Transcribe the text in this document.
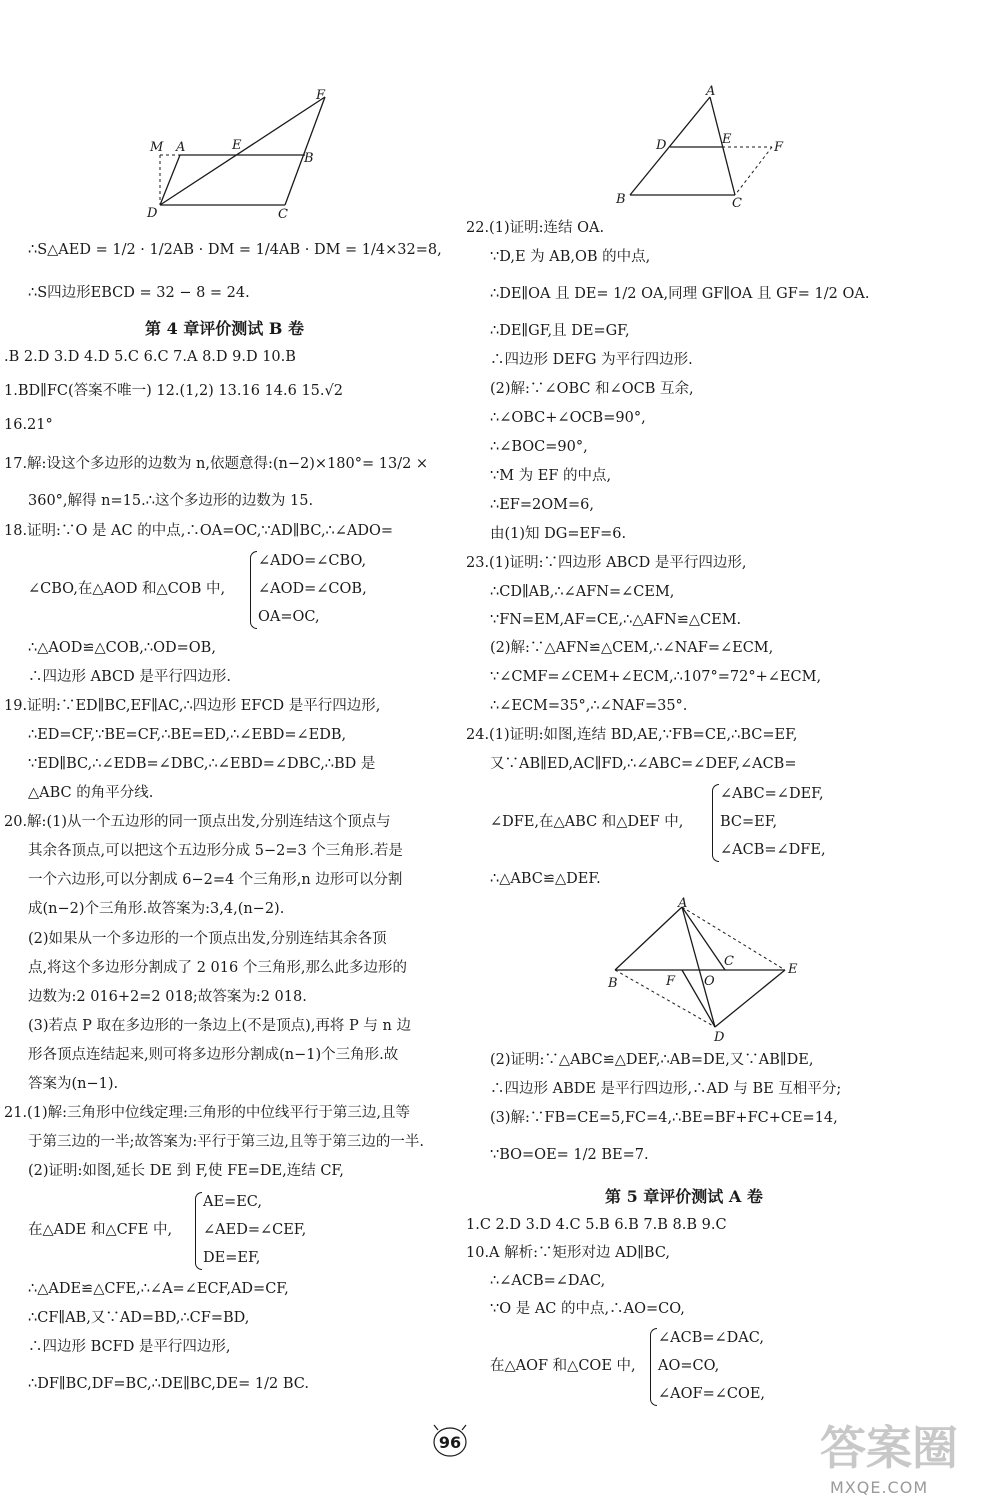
M A	E
B
F
D	C
A
D	E
F
B	C
A
B	F O
C
E
D
∴S△AED = 1/2 · 1/2AB · DM = 1/4AB · DM = 1/4×32=8,
∴S四边形EBCD = 32 − 8 = 24.
第 4 章评价测试 B 卷
.B 2.D 3.D 4.D 5.C 6.C 7.A 8.D 9.D 10.B
1.BD∥FC(答案不唯一) 12.(1,2) 13.16 14.6 15.√2
16.21°
17.解:设这个多边形的边数为 n,依题意得:(n−2)×180°= 13/2 ×
360°,解得 n=15.∴这个多边形的边数为 15.
18.证明:∵O 是 AC 的中点,∴OA=OC,∵AD∥BC,∴∠ADO=
∠CBO,在△AOD 和△COB 中,
∠ADO=∠CBO,
∠AOD=∠COB,
OA=OC,
∴△AOD≌△COB,∴OD=OB,
∴四边形 ABCD 是平行四边形.
19.证明:∵ED∥BC,EF∥AC,∴四边形 EFCD 是平行四边形,
∴ED=CF,∵BE=CF,∴BE=ED,∴∠EBD=∠EDB,
∵ED∥BC,∴∠EDB=∠DBC,∴∠EBD=∠DBC,∴BD 是
△ABC 的角平分线.
20.解:(1)从一个五边形的同一顶点出发,分别连结这个顶点与
其余各顶点,可以把这个五边形分成 5−2=3 个三角形.若是
一个六边形,可以分割成 6−2=4 个三角形,n 边形可以分割
成(n−2)个三角形.故答案为:3,4,(n−2).
(2)如果从一个多边形的一个顶点出发,分别连结其余各顶
点,将这个多边形分割成了 2 016 个三角形,那么此多边形的
边数为:2 016+2=2 018;故答案为:2 018.
(3)若点 P 取在多边形的一条边上(不是顶点),再将 P 与 n 边
形各顶点连结起来,则可将多边形分割成(n−1)个三角形.故
答案为(n−1).
21.(1)解:三角形中位线定理:三角形的中位线平行于第三边,且等
于第三边的一半;故答案为:平行于第三边,且等于第三边的一半.
(2)证明:如图,延长 DE 到 F,使 FE=DE,连结 CF,
在△ADE 和△CFE 中,
AE=EC,
∠AED=∠CEF,
DE=EF,
∴△ADE≌△CFE,∴∠A=∠ECF,AD=CF,
∴CF∥AB,又∵AD=BD,∴CF=BD,
∴四边形 BCFD 是平行四边形,
∴DF∥BC,DF=BC,∴DE∥BC,DE= 1/2 BC.
22.(1)证明:连结 OA.
∵D,E 为 AB,OB 的中点,
∴DE∥OA 且 DE= 1/2 OA,同理 GF∥OA 且 GF= 1/2 OA.
∴DE∥GF,且 DE=GF,
∴四边形 DEFG 为平行四边形.
(2)解:∵∠OBC 和∠OCB 互余,
∴∠OBC+∠OCB=90°,
∴∠BOC=90°,
∵M 为 EF 的中点,
∴EF=2OM=6,
由(1)知 DG=EF=6.
23.(1)证明:∵四边形 ABCD 是平行四边形,
∴CD∥AB,∴∠AFN=∠CEM,
∵FN=EM,AF=CE,∴△AFN≌△CEM.
(2)解:∵△AFN≌△CEM,∴∠NAF=∠ECM,
∵∠CMF=∠CEM+∠ECM,∴107°=72°+∠ECM,
∴∠ECM=35°,∴∠NAF=35°.
24.(1)证明:如图,连结 BD,AE,∵FB=CE,∴BC=EF,
又∵AB∥ED,AC∥FD,∴∠ABC=∠DEF,∠ACB=
∠DFE,在△ABC 和△DEF 中,
∠ABC=∠DEF,
BC=EF,
∠ACB=∠DFE,
∴△ABC≌△DEF.
(2)证明:∵△ABC≌△DEF,∴AB=DE,又∵AB∥DE,
∴四边形 ABDE 是平行四边形,∴AD 与 BE 互相平分;
(3)解:∵FB=CE=5,FC=4,∴BE=BF+FC+CE=14,
∵BO=OE= 1/2 BE=7.
第 5 章评价测试 A 卷
1.C 2.D 3.D 4.C 5.B 6.B 7.B 8.B 9.C
10.A 解析:∵矩形对边 AD∥BC,
∴∠ACB=∠DAC,
∵O 是 AC 的中点,∴AO=CO,
在△AOF 和△COE 中,
∠ACB=∠DAC,
AO=CO,
∠AOF=∠COE,
96	答案圈
MXQE.COM
